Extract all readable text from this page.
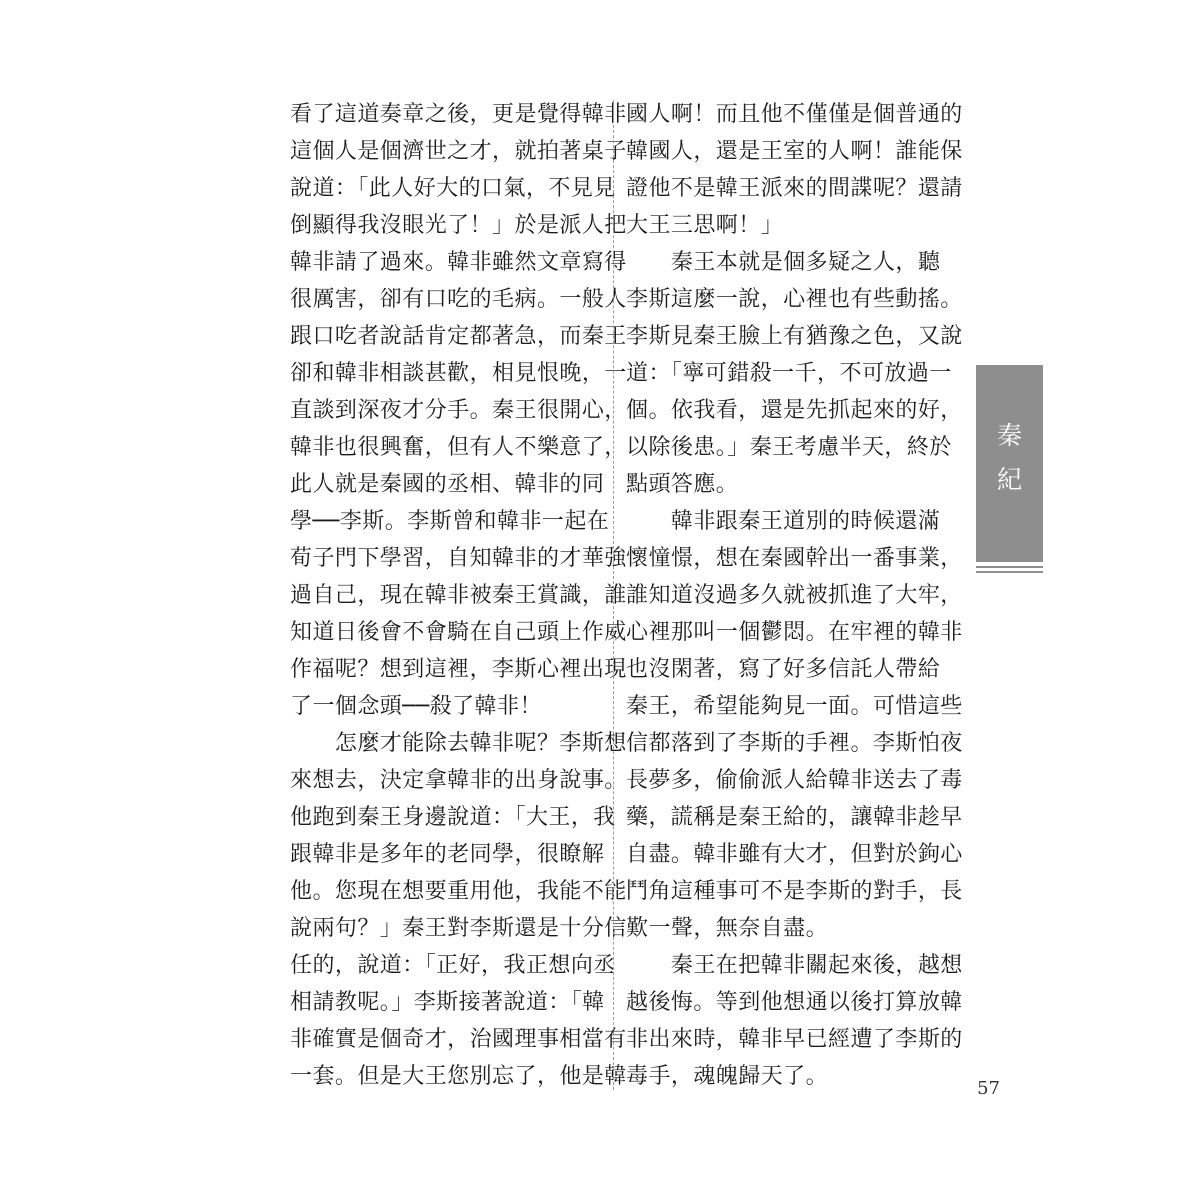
看了這道奏章之後，更是覺得韓非
這個人是個濟世之才，就拍著桌子
說道：「此人好大的口氣，不見見
倒顯得我沒眼光了！」於是派人把
韓非請了過來。韓非雖然文章寫得
很厲害，卻有口吃的毛病。一般人
跟口吃者說話肯定都著急，而秦王
卻和韓非相談甚歡，相見恨晚，一
直談到深夜才分手。秦王很開心，
韓非也很興奮，但有人不樂意了，
此人就是秦國的丞相、韓非的同
學──李斯。李斯曾和韓非一起在
荀子門下學習，自知韓非的才華強
過自己，現在韓非被秦王賞識，誰
知道日後會不會騎在自己頭上作威
作福呢？想到這裡，李斯心裡出現
了一個念頭──殺了韓非！
　　怎麼才能除去韓非呢？李斯想
來想去，決定拿韓非的出身說事。
他跑到秦王身邊說道：「大王，我
跟韓非是多年的老同學，很瞭解
他。您現在想要重用他，我能不能
說兩句？」秦王對李斯還是十分信
任的，說道：「正好，我正想向丞
相請教呢。」李斯接著說道：「韓
非確實是個奇才，治國理事相當有
一套。但是大王您別忘了，他是韓
國人啊！而且他不僅僅是個普通的
韓國人，還是王室的人啊！誰能保
證他不是韓王派來的間諜呢？還請
大王三思啊！」
　　秦王本就是個多疑之人，聽
李斯這麼一說，心裡也有些動搖。
李斯見秦王臉上有猶豫之色，又說
道：「寧可錯殺一千，不可放過一
個。依我看，還是先抓起來的好，
以除後患。」秦王考慮半天，終於
點頭答應。
　　韓非跟秦王道別的時候還滿
懷憧憬，想在秦國幹出一番事業，
誰知道沒過多久就被抓進了大牢，
心裡那叫一個鬱悶。在牢裡的韓非
也沒閑著，寫了好多信託人帶給
秦王，希望能夠見一面。可惜這些
信都落到了李斯的手裡。李斯怕夜
長夢多，偷偷派人給韓非送去了毒
藥，謊稱是秦王給的，讓韓非趁早
自盡。韓非雖有大才，但對於鉤心
鬥角這種事可不是李斯的對手，長
歎一聲，無奈自盡。
　　秦王在把韓非關起來後，越想
越後悔。等到他想通以後打算放韓
非出來時，韓非早已經遭了李斯的
毒手，魂魄歸天了。
秦
紀
57
